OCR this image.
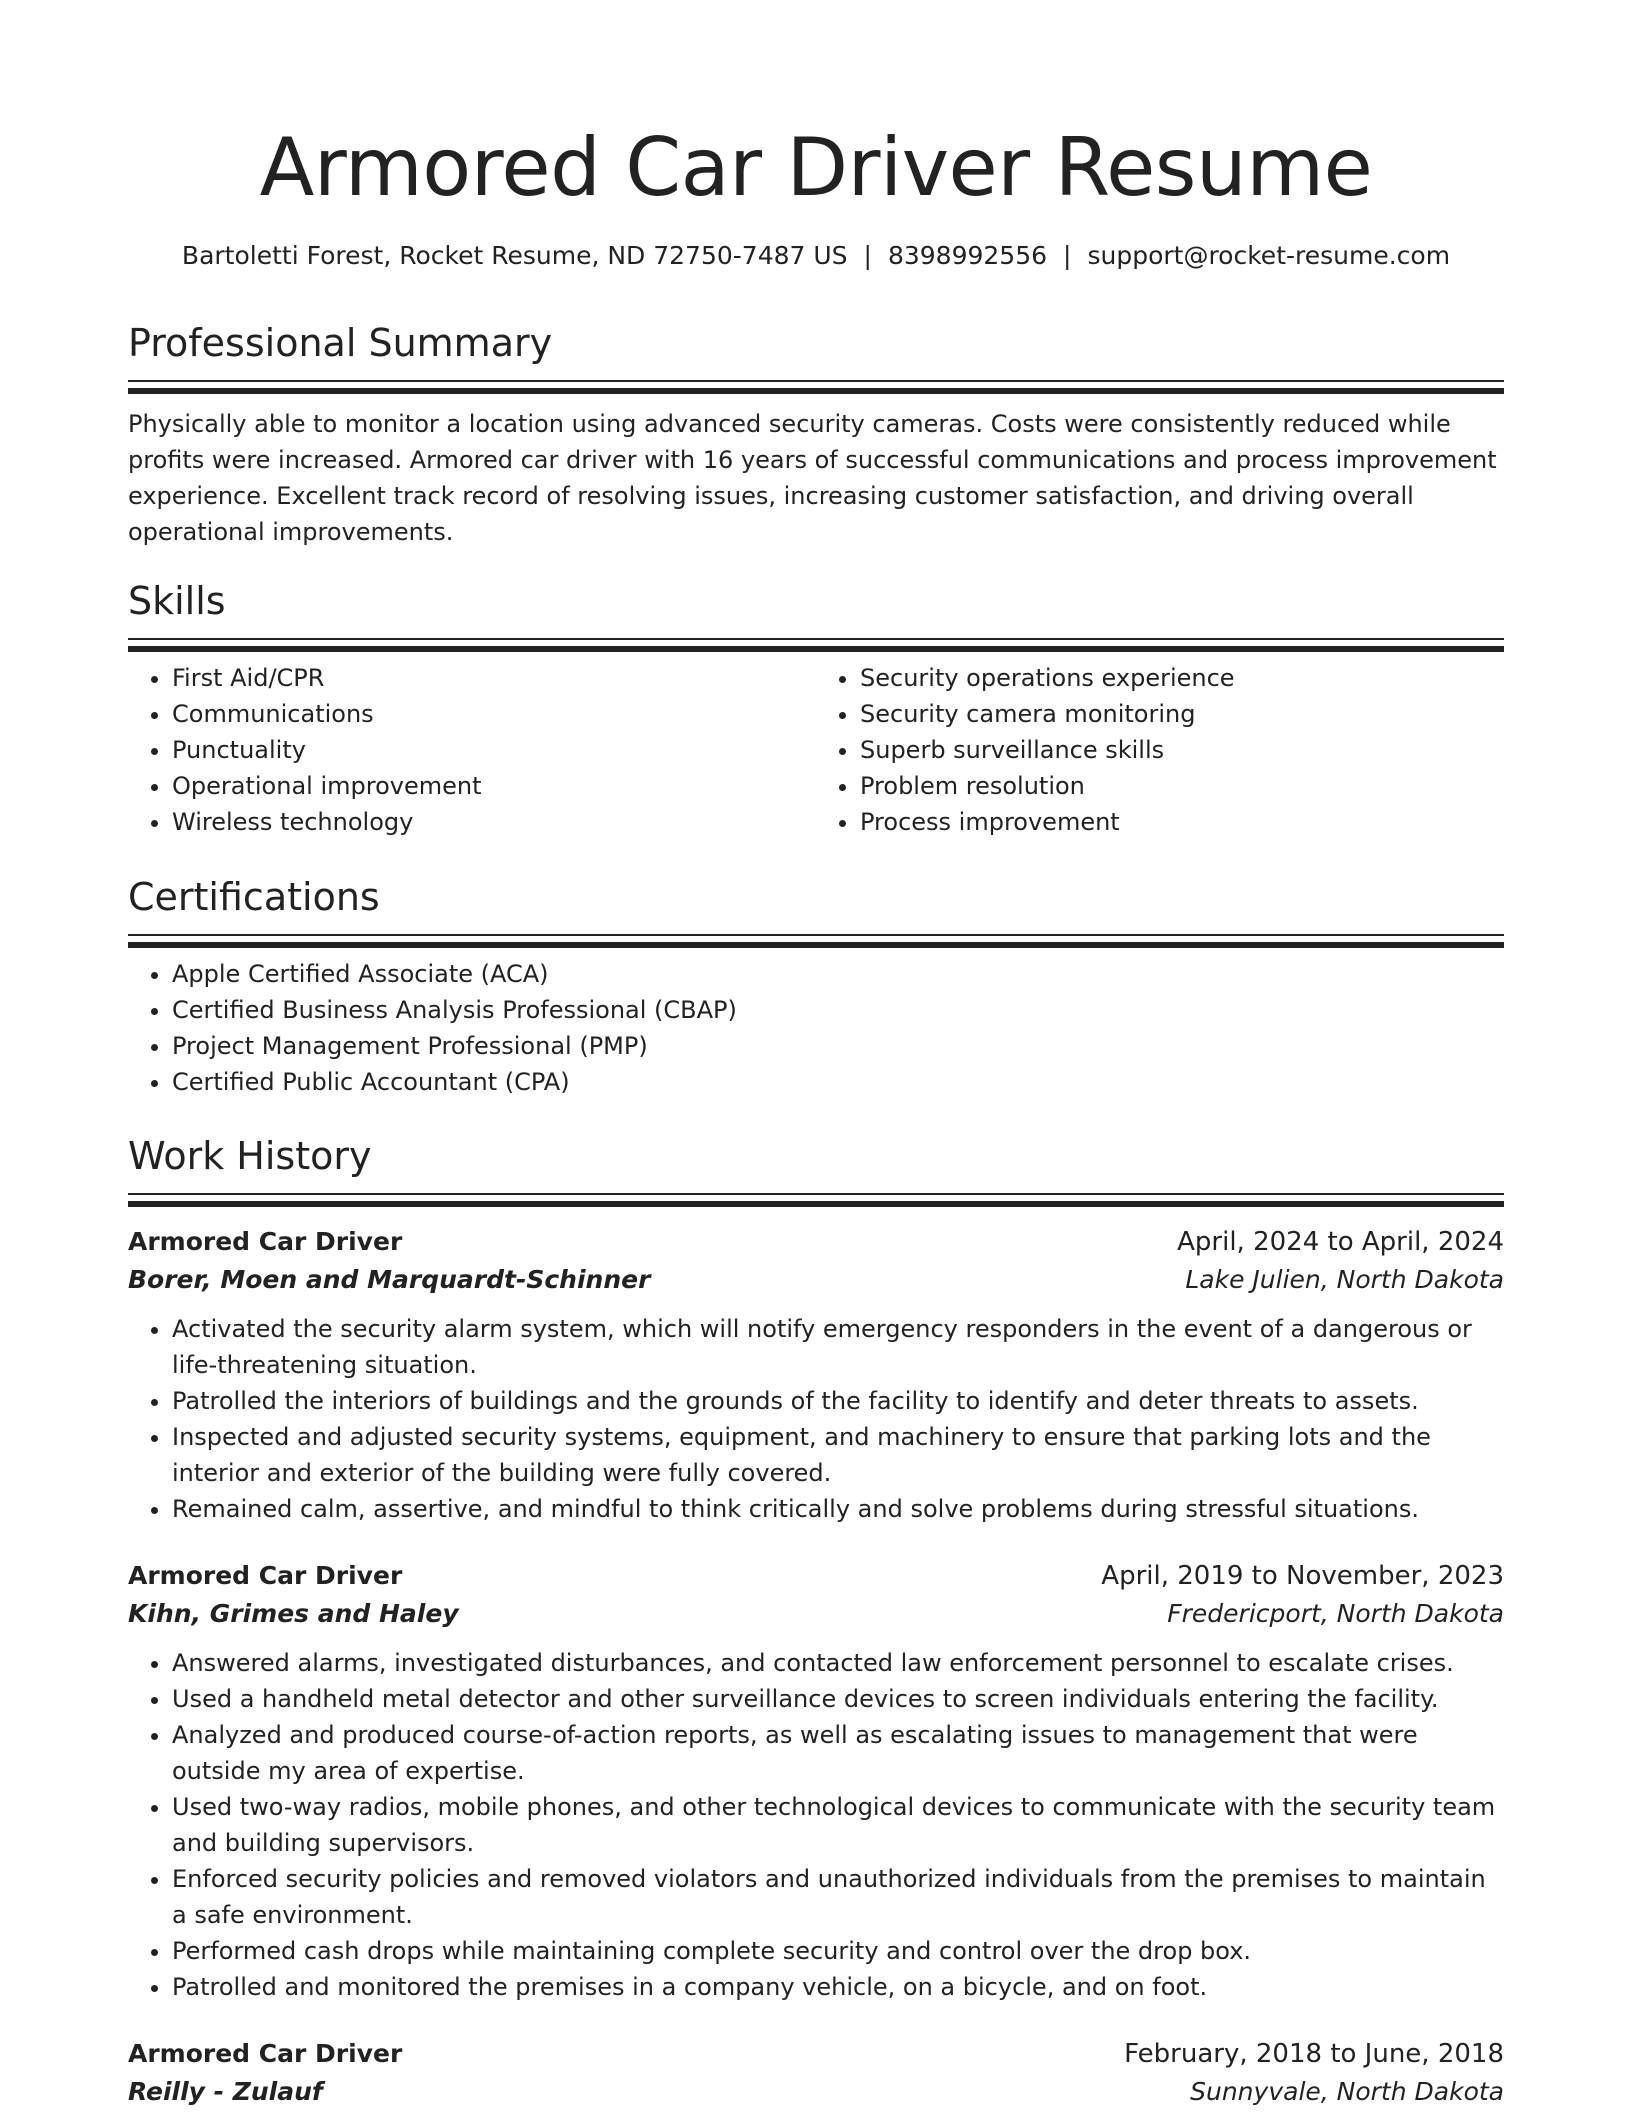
Armored Car Driver Resume
Bartoletti Forest, Rocket Resume, ND 72750-7487 US | 8398992556 | support@rocket-resume.com
Professional Summary
Physically able to monitor a location using advanced security cameras. Costs were consistently reduced while profits were increased. Armored car driver with 16 years of successful communications and process improvement experience. Excellent track record of resolving issues, increasing customer satisfaction, and driving overall operational improvements.
Skills
• First Aid/CPR
• Communications
• Punctuality
• Operational improvement
• Wireless technology
• Security operations experience
• Security camera monitoring
• Superb surveillance skills
• Problem resolution
• Process improvement
Certifications
• Apple Certified Associate (ACA)
• Certified Business Analysis Professional (CBAP)
• Project Management Professional (PMP)
• Certified Public Accountant (CPA)
Work History
Armored Car Driver	April, 2024 to April, 2024
Borer, Moen and Marquardt-Schinner	Lake Julien, North Dakota
• Activated the security alarm system, which will notify emergency responders in the event of a dangerous or life-threatening situation.
• Patrolled the interiors of buildings and the grounds of the facility to identify and deter threats to assets.
• Inspected and adjusted security systems, equipment, and machinery to ensure that parking lots and the interior and exterior of the building were fully covered.
• Remained calm, assertive, and mindful to think critically and solve problems during stressful situations.
Armored Car Driver	April, 2019 to November, 2023
Kihn, Grimes and Haley	Fredericport, North Dakota
• Answered alarms, investigated disturbances, and contacted law enforcement personnel to escalate crises.
• Used a handheld metal detector and other surveillance devices to screen individuals entering the facility.
• Analyzed and produced course-of-action reports, as well as escalating issues to management that were outside my area of expertise.
• Used two-way radios, mobile phones, and other technological devices to communicate with the security team and building supervisors.
• Enforced security policies and removed violators and unauthorized individuals from the premises to maintain a safe environment.
• Performed cash drops while maintaining complete security and control over the drop box.
• Patrolled and monitored the premises in a company vehicle, on a bicycle, and on foot.
Armored Car Driver	February, 2018 to June, 2018
Reilly - Zulauf	Sunnyvale, North Dakota
